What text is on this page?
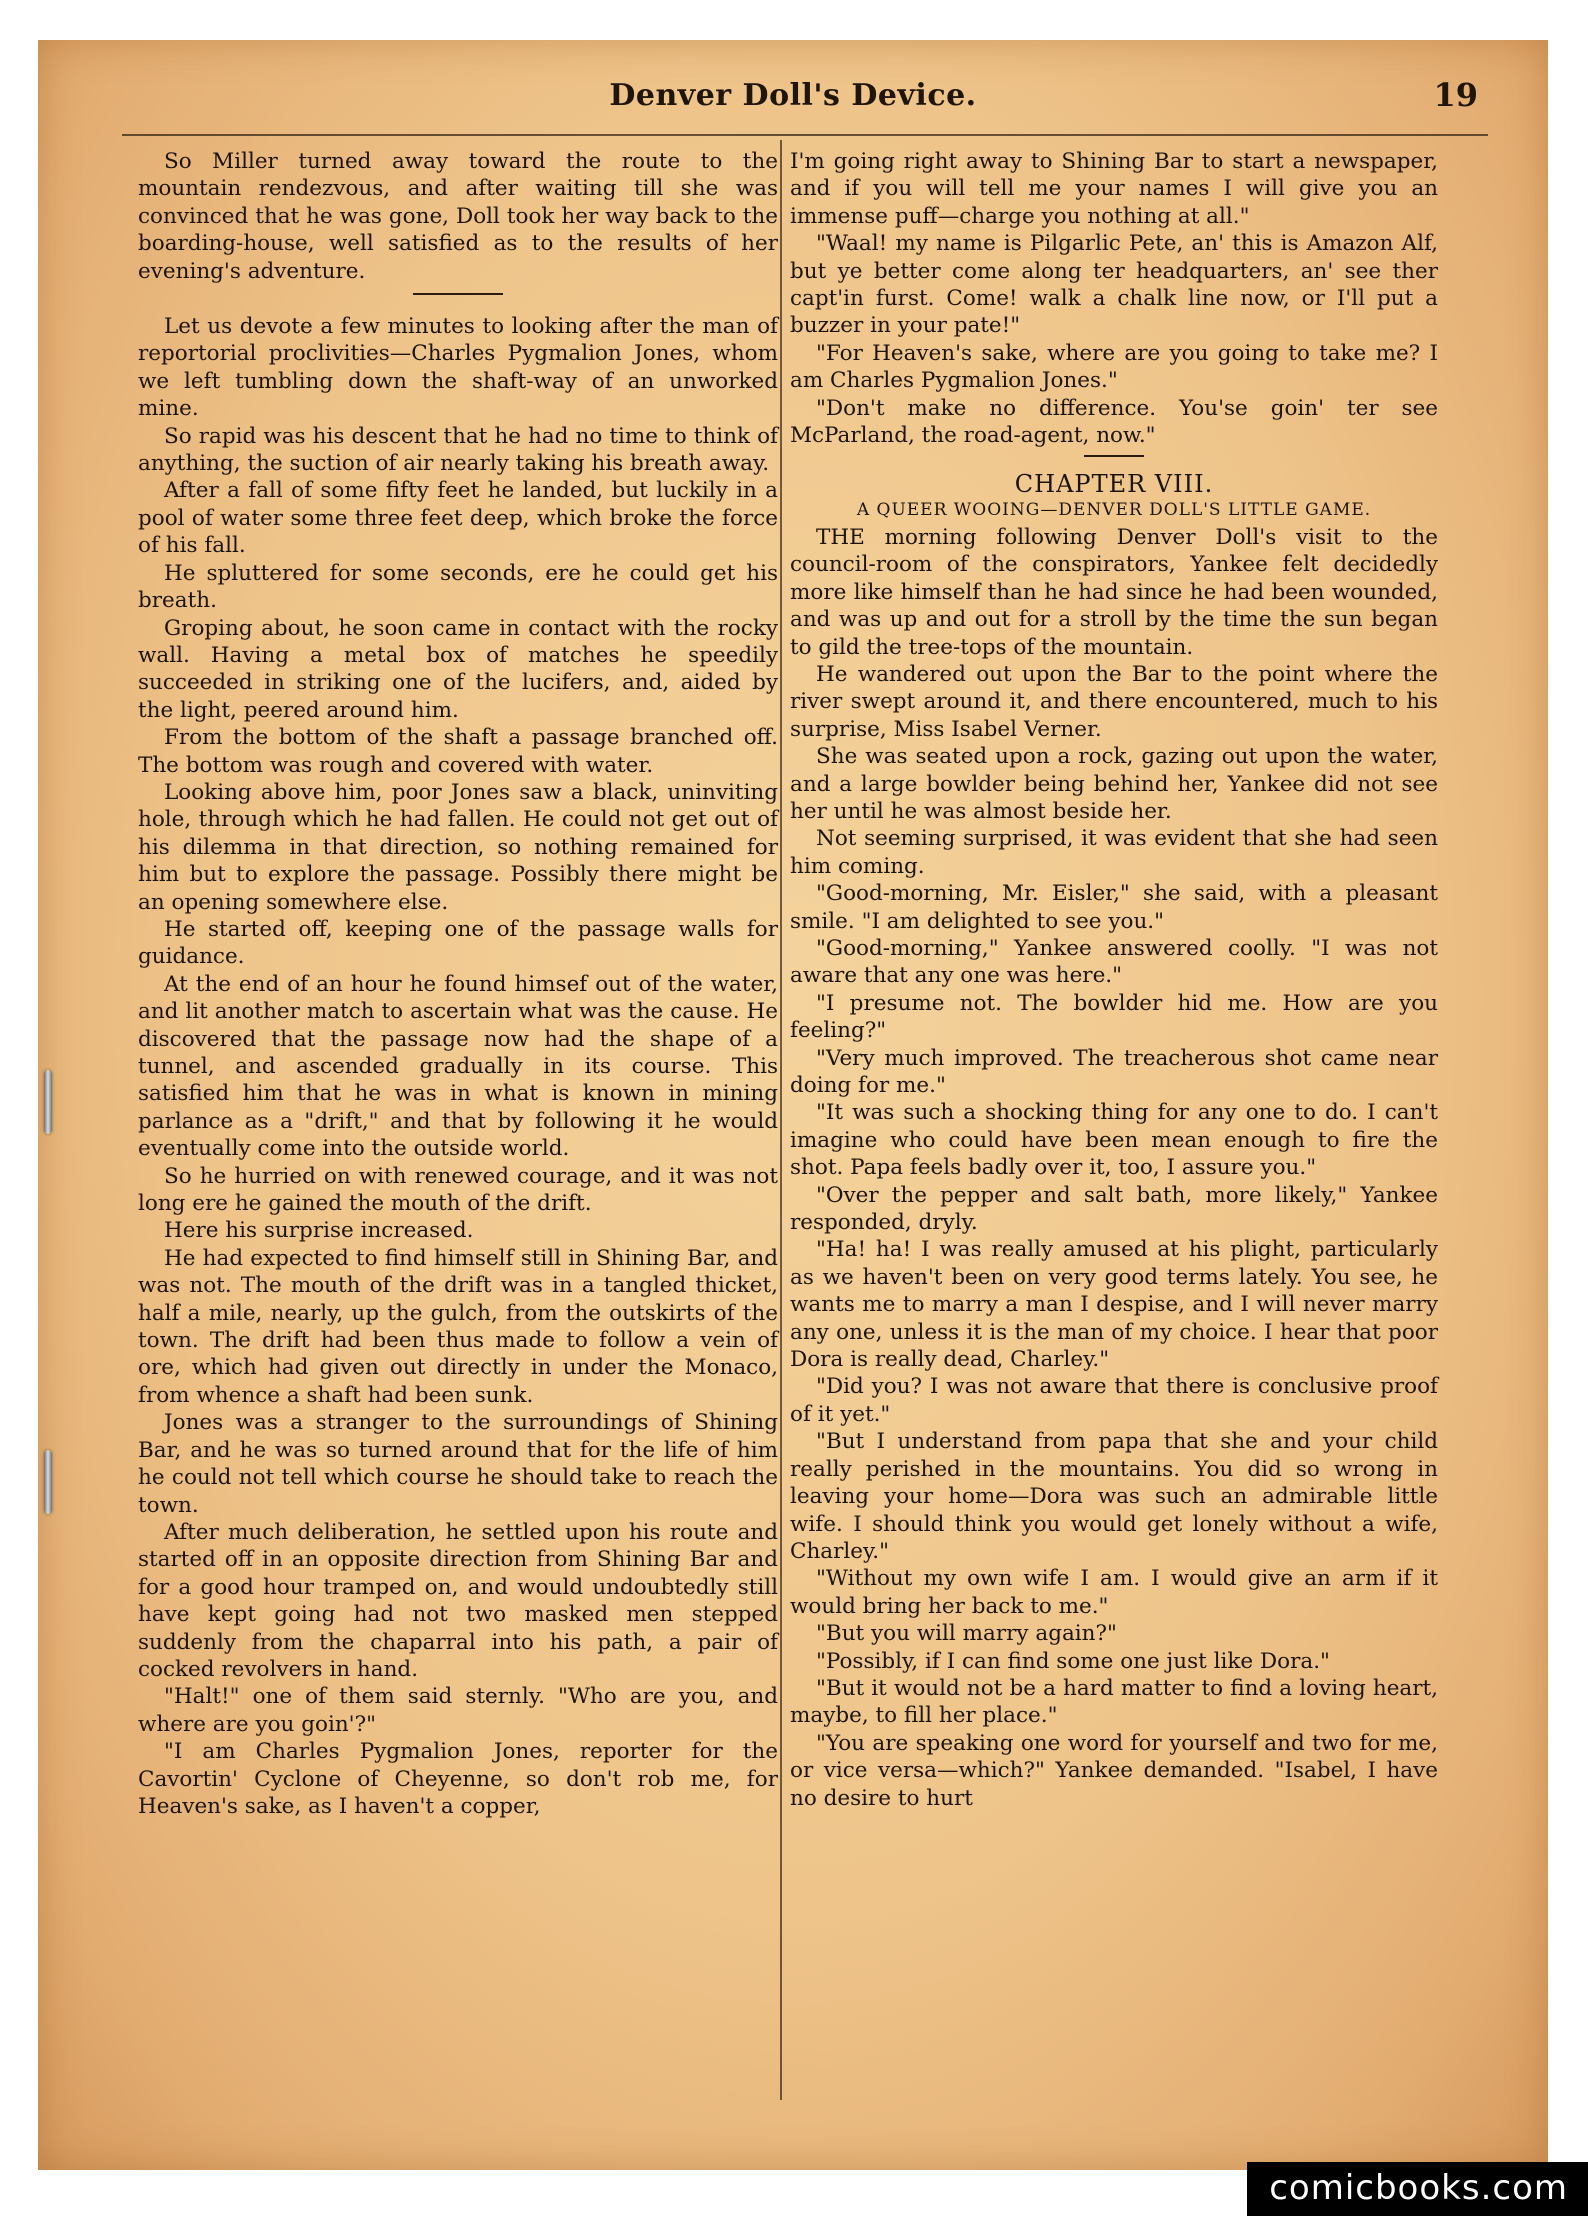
Denver Doll's Device.	19

So Miller turned away toward the route to the mountain rendezvous, and after waiting till she was convinced that he was gone, Doll took her way back to the boarding-house, well satisfied as to the results of her evening's adventure.

Let us devote a few minutes to looking after the man of reportorial proclivities—Charles Pygmalion Jones, whom we left tumbling down the shaft-way of an unworked mine.

So rapid was his descent that he had no time to think of anything, the suction of air nearly taking his breath away.

After a fall of some fifty feet he landed, but luckily in a pool of water some three feet deep, which broke the force of his fall.

He spluttered for some seconds, ere he could get his breath.

Groping about, he soon came in contact with the rocky wall. Having a metal box of matches he speedily succeeded in striking one of the lucifers, and, aided by the light, peered around him.

From the bottom of the shaft a passage branched off. The bottom was rough and covered with water.

Looking above him, poor Jones saw a black, uninviting hole, through which he had fallen. He could not get out of his dilemma in that direction, so nothing remained for him but to explore the passage. Possibly there might be an opening somewhere else.

He started off, keeping one of the passage walls for guidance.

At the end of an hour he found himsef out of the water, and lit another match to ascertain what was the cause. He discovered that the passage now had the shape of a tunnel, and ascended gradually in its course. This satisfied him that he was in what is known in mining parlance as a "drift," and that by following it he would eventually come into the outside world.

So he hurried on with renewed courage, and it was not long ere he gained the mouth of the drift.

Here his surprise increased.

He had expected to find himself still in Shining Bar, and was not. The mouth of the drift was in a tangled thicket, half a mile, nearly, up the gulch, from the outskirts of the town. The drift had been thus made to follow a vein of ore, which had given out directly in under the Monaco, from whence a shaft had been sunk.

Jones was a stranger to the surroundings of Shining Bar, and he was so turned around that for the life of him he could not tell which course he should take to reach the town.

After much deliberation, he settled upon his route and started off in an opposite direction from Shining Bar and for a good hour tramped on, and would undoubtedly still have kept going had not two masked men stepped suddenly from the chaparral into his path, a pair of cocked revolvers in hand.

"Halt!" one of them said sternly. "Who are you, and where are you goin'?"

"I am Charles Pygmalion Jones, reporter for the Cavortin' Cyclone of Cheyenne, so don't rob me, for Heaven's sake, as I haven't a copper,

I'm going right away to Shining Bar to start a newspaper, and if you will tell me your names I will give you an immense puff—charge you nothing at all."

"Waal! my name is Pilgarlic Pete, an' this is Amazon Alf, but ye better come along ter headquarters, an' see ther capt'in furst. Come! walk a chalk line now, or I'll put a buzzer in your pate!"

"For Heaven's sake, where are you going to take me? I am Charles Pygmalion Jones."

"Don't make no difference. You'se goin' ter see McParland, the road-agent, now."

CHAPTER VIII.
A QUEER WOOING—DENVER DOLL'S LITTLE GAME.

THE morning following Denver Doll's visit to the council-room of the conspirators, Yankee felt decidedly more like himself than he had since he had been wounded, and was up and out for a stroll by the time the sun began to gild the tree-tops of the mountain.

He wandered out upon the Bar to the point where the river swept around it, and there encountered, much to his surprise, Miss Isabel Verner.

She was seated upon a rock, gazing out upon the water, and a large bowlder being behind her, Yankee did not see her until he was almost beside her.

Not seeming surprised, it was evident that she had seen him coming.

"Good-morning, Mr. Eisler," she said, with a pleasant smile. "I am delighted to see you."

"Good-morning," Yankee answered coolly. "I was not aware that any one was here."

"I presume not. The bowlder hid me. How are you feeling?"

"Very much improved. The treacherous shot came near doing for me."

"It was such a shocking thing for any one to do. I can't imagine who could have been mean enough to fire the shot. Papa feels badly over it, too, I assure you."

"Over the pepper and salt bath, more likely," Yankee responded, dryly.

"Ha! ha! I was really amused at his plight, particularly as we haven't been on very good terms lately. You see, he wants me to marry a man I despise, and I will never marry any one, unless it is the man of my choice. I hear that poor Dora is really dead, Charley."

"Did you? I was not aware that there is conclusive proof of it yet."

"But I understand from papa that she and your child really perished in the mountains. You did so wrong in leaving your home—Dora was such an admirable little wife. I should think you would get lonely without a wife, Charley."

"Without my own wife I am. I would give an arm if it would bring her back to me."

"But you will marry again?"

"Possibly, if I can find some one just like Dora."

"But it would not be a hard matter to find a loving heart, maybe, to fill her place."

"You are speaking one word for yourself and two for me, or vice versa—which?" Yankee demanded. "Isabel, I have no desire to hurt

comicbooks.com
